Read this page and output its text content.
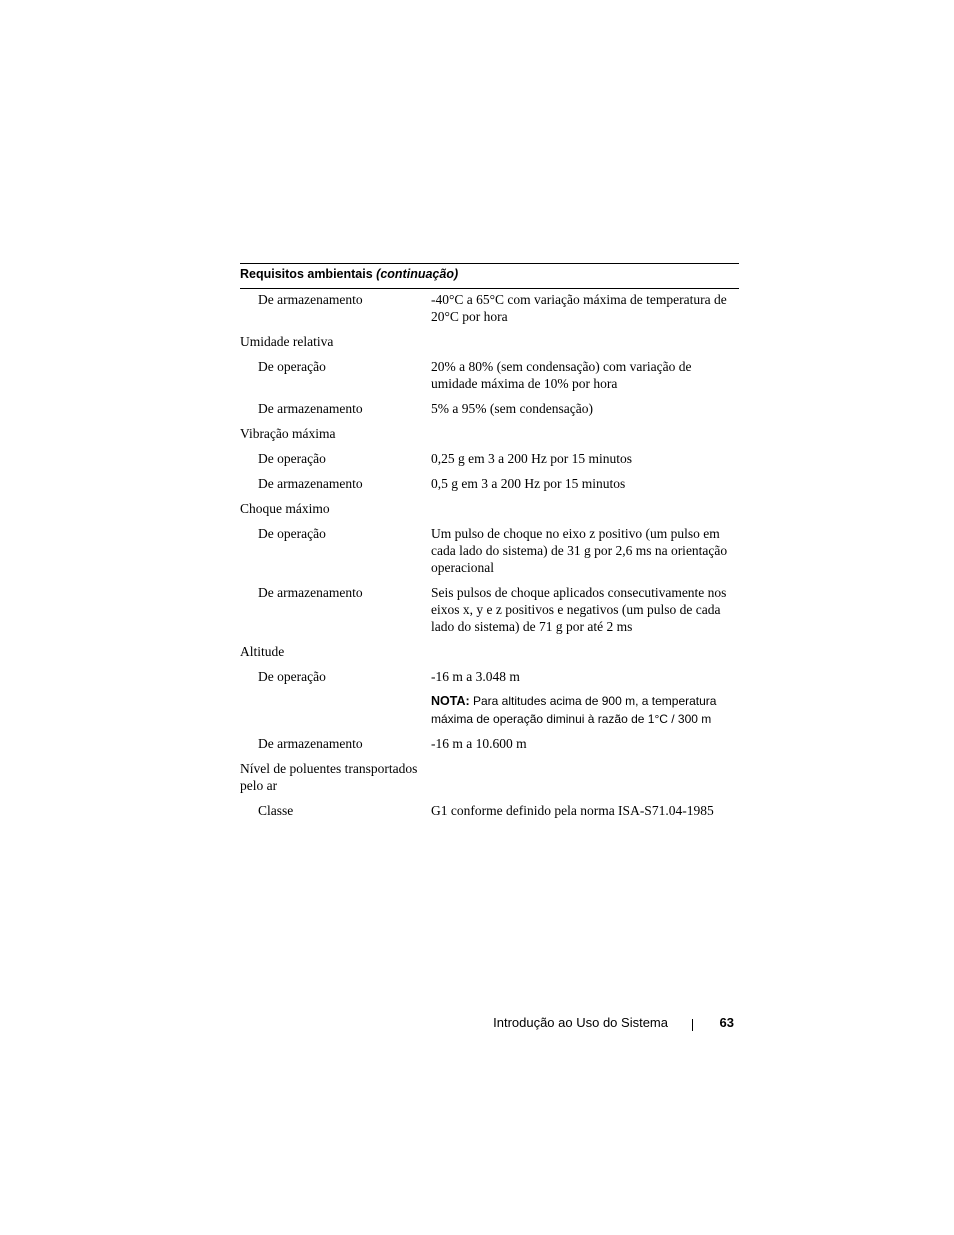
Requisitos ambientais (continuação)
De armazenamento	-40°C a 65°C com variação máxima de temperatura de 20°C por hora
Umidade relativa
De operação	20% a 80% (sem condensação) com variação de umidade máxima de 10% por hora
De armazenamento	5% a 95% (sem condensação)
Vibração máxima
De operação	0,25 g em 3 a 200 Hz por 15 minutos
De armazenamento	0,5 g em 3 a 200 Hz por 15 minutos
Choque máximo
De operação	Um pulso de choque no eixo z positivo (um pulso em cada lado do sistema) de 31 g por 2,6 ms na orientação operacional
De armazenamento	Seis pulsos de choque aplicados consecutivamente nos eixos x, y e z positivos e negativos (um pulso de cada lado do sistema) de 71 g por até 2 ms
Altitude
De operação	-16 m a 3.048 m
NOTA: Para altitudes acima de 900 m, a temperatura máxima de operação diminui à razão de 1°C / 300 m
De armazenamento	-16 m a 10.600 m
Nível de poluentes transportados pelo ar
Classe	G1 conforme definido pela norma ISA-S71.04-1985
Introdução ao Uso do Sistema	63
